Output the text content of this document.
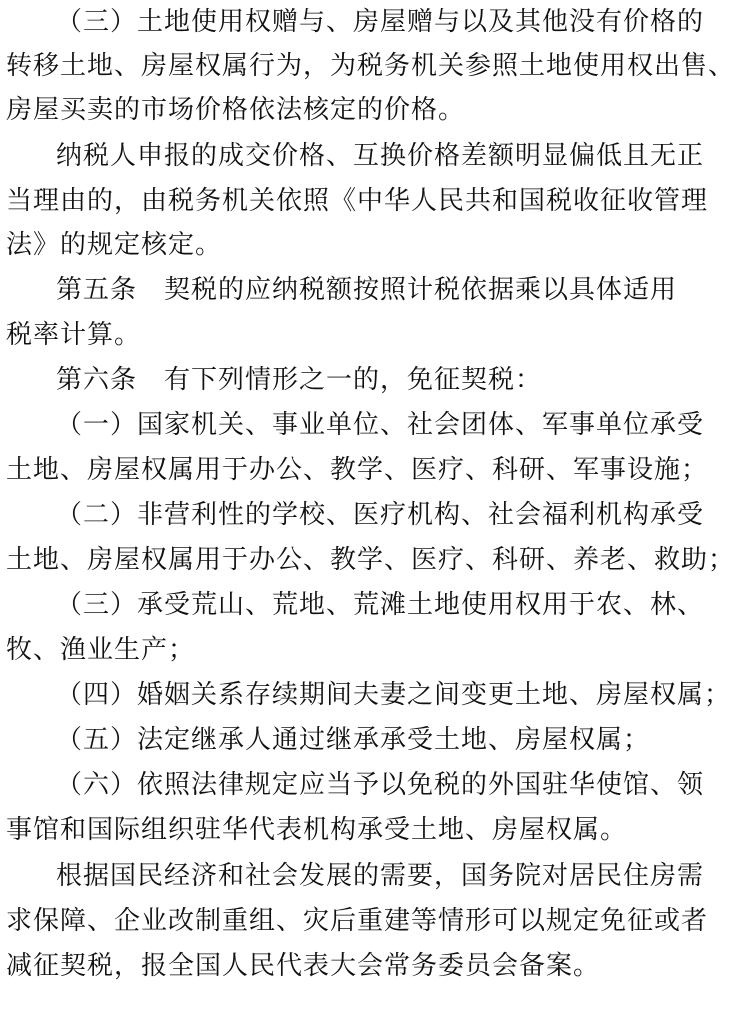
（三）土地使用权赠与、房屋赠与以及其他没有价格的
转移土地、房屋权属行为，为税务机关参照土地使用权出售、
房屋买卖的市场价格依法核定的价格。
纳税人申报的成交价格、互换价格差额明显偏低且无正
当理由的，由税务机关依照《中华人民共和国税收征收管理
法》的规定核定。
第五条　契税的应纳税额按照计税依据乘以具体适用
税率计算。
第六条　有下列情形之一的，免征契税：
（一）国家机关、事业单位、社会团体、军事单位承受
土地、房屋权属用于办公、教学、医疗、科研、军事设施；
（二）非营利性的学校、医疗机构、社会福利机构承受
土地、房屋权属用于办公、教学、医疗、科研、养老、救助；
（三）承受荒山、荒地、荒滩土地使用权用于农、林、
牧、渔业生产；
（四）婚姻关系存续期间夫妻之间变更土地、房屋权属；
（五）法定继承人通过继承承受土地、房屋权属；
（六）依照法律规定应当予以免税的外国驻华使馆、领
事馆和国际组织驻华代表机构承受土地、房屋权属。
根据国民经济和社会发展的需要，国务院对居民住房需
求保障、企业改制重组、灾后重建等情形可以规定免征或者
减征契税，报全国人民代表大会常务委员会备案。
